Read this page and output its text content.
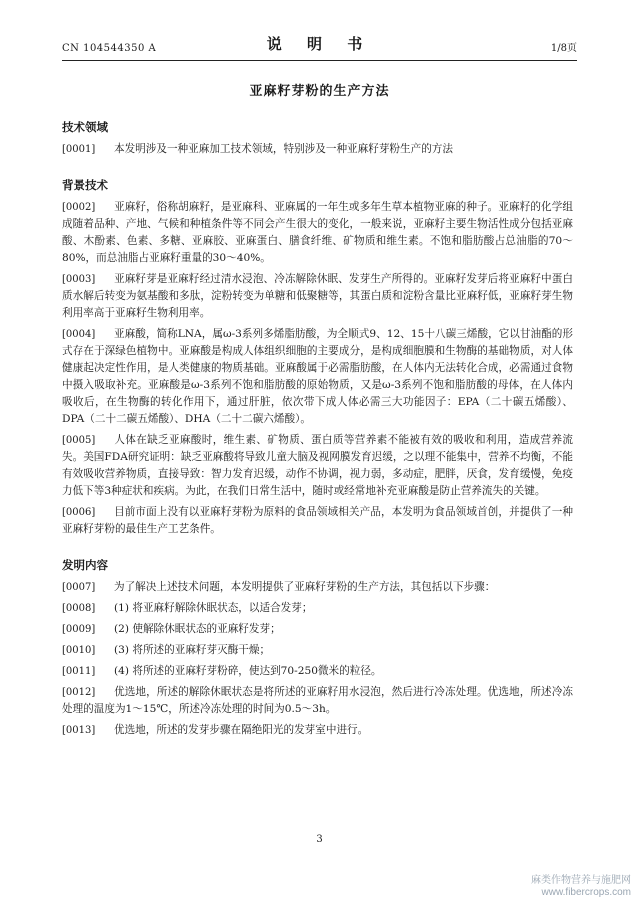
CN 104544350 A	说 明 书	1/8页
亚麻籽芽粉的生产方法
技术领域

[0001] 本发明涉及一种亚麻加工技术领域，特别涉及一种亚麻籽芽粉生产的方法

背景技术

[0002] 亚麻籽，俗称胡麻籽，是亚麻科、亚麻属的一年生或多年生草本植物亚麻的种子。亚麻籽的化学组成随着品种、产地、气候和种植条件等不同会产生很大的变化，一般来说，亚麻籽主要生物活性成分包括亚麻酸、木酚素、色素、多糖、亚麻胶、亚麻蛋白、膳食纤维、矿物质和维生素。不饱和脂肪酸占总油脂的70～80%，而总油脂占亚麻籽重量的30～40%。

[0003] 亚麻籽芽是亚麻籽经过清水浸泡、冷冻解除休眠、发芽生产所得的。亚麻籽发芽后将亚麻籽中蛋白质水解后转变为氨基酸和多肽，淀粉转变为单糖和低聚糖等，其蛋白质和淀粉含量比亚麻籽低，亚麻籽芽生物利用率高于亚麻籽生物利用率。

[0004] 亚麻酸，简称LNA，属ω-3系列多烯脂肪酸，为全顺式9、12、15十八碳三烯酸，它以甘油酯的形式存在于深绿色植物中。亚麻酸是构成人体组织细胞的主要成分，是构成细胞膜和生物酶的基础物质，对人体健康起决定性作用，是人类健康的物质基础。亚麻酸属于必需脂肪酸，在人体内无法转化合成，必需通过食物中摄入吸取补充。亚麻酸是ω-3系列不饱和脂肪酸的原始物质，又是ω-3系列不饱和脂肪酸的母体，在人体内吸收后，在生物酶的转化作用下，通过肝脏，依次带下成人体必需三大功能因子：EPA（二十碳五烯酸）、DPA（二十二碳五烯酸）、DHA（二十二碳六烯酸）。

[0005] 人体在缺乏亚麻酸时，维生素、矿物质、蛋白质等营养素不能被有效的吸收和利用，造成营养流失。美国FDA研究证明：缺乏亚麻酸将导致儿童大脑及视网膜发育迟缓，之以理不能集中，营养不均衡，不能有效吸收营养物质，直接导致：智力发育迟缓，动作不协调，视力弱，多动症，肥胖，厌食，发育缓慢，免疫力低下等3种症状和疾病。为此，在我们日常生活中，随时或经常地补充亚麻酸是防止营养流失的关键。

[0006] 目前市面上没有以亚麻籽芽粉为原料的食品领域相关产品，本发明为食品领域首创，并提供了一种亚麻籽芽粉的最佳生产工艺条件。

发明内容

[0007] 为了解决上述技术问题，本发明提供了亚麻籽芽粉的生产方法，其包括以下步骤：

[0008] (1) 将亚麻籽解除休眠状态，以适合发芽；

[0009] (2) 使解除休眠状态的亚麻籽发芽；

[0010] (3) 将所述的亚麻籽芽灭酶干燥；

[0011] (4) 将所述的亚麻籽芽粉碎，使达到70-250微米的粒径。

[0012] 优选地，所述的解除休眠状态是将所述的亚麻籽用水浸泡，然后进行冷冻处理。优选地，所述冷冻处理的温度为1～15℃，所述冷冻处理的时间为0.5～3h。

[0013] 优选地，所述的发芽步骤在隔绝阳光的发芽室中进行。

3
麻类作物营养与施肥网
www.fibercrops.com
